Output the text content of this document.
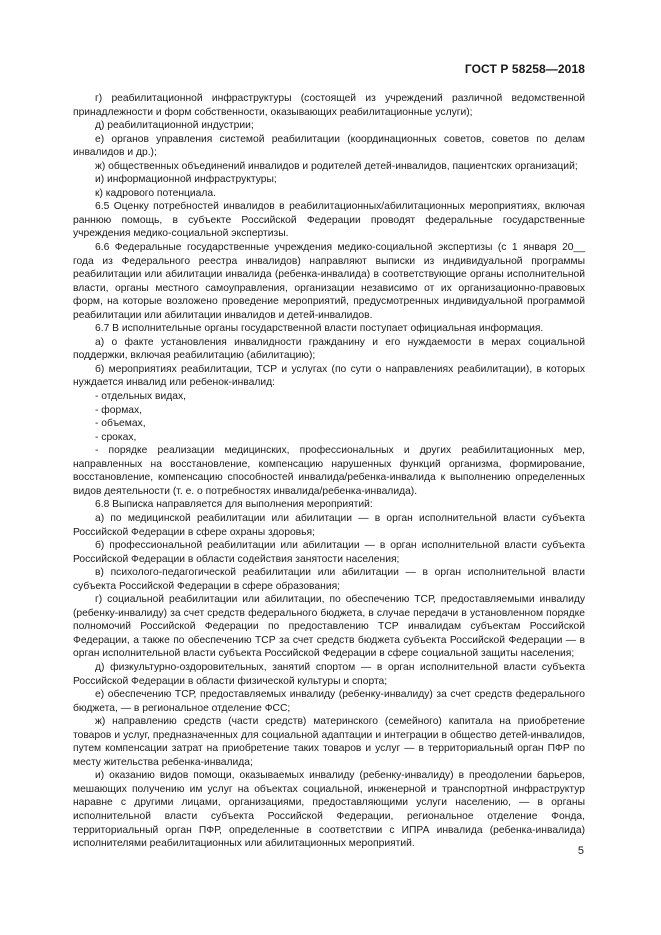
ГОСТ Р 58258—2018

г) реабилитационной инфраструктуры (состоящей из учреждений различной ведомственной принадлежности и форм собственности, оказывающих реабилитационные услуги);

д) реабилитационной индустрии;

е) органов управления системой реабилитации (координационных советов, советов по делам инвалидов и др.);

ж) общественных объединений инвалидов и родителей детей-инвалидов, пациентских организаций;

и) информационной инфраструктуры;

к) кадрового потенциала.

6.5 Оценку потребностей инвалидов в реабилитационных/абилитационных мероприятиях, включая раннюю помощь, в субъекте Российской Федерации проводят федеральные государственные учреждения медико-социальной экспертизы.

6.6 Федеральные государственные учреждения медико-социальной экспертизы (с 1 января 20__ года из Федерального реестра инвалидов) направляют выписки из индивидуальной программы реабилитации или абилитации инвалида (ребенка-инвалида) в соответствующие органы исполнительной власти, органы местного самоуправления, организации независимо от их организационно-правовых форм, на которые возложено проведение мероприятий, предусмотренных индивидуальной программой реабилитации или абилитации инвалидов и детей-инвалидов.

6.7 В исполнительные органы государственной власти поступает официальная информация.

а) о факте установления инвалидности гражданину и его нуждаемости в мерах социальной поддержки, включая реабилитацию (абилитацию);

б) мероприятиях реабилитации, ТСР и услугах (по сути о направлениях реабилитации), в которых нуждается инвалид или ребенок-инвалид:

- отдельных видах,

- формах,

- объемах,

- сроках,

- порядке реализации медицинских, профессиональных и других реабилитационных мер, направленных на восстановление, компенсацию нарушенных функций организма, формирование, восстановление, компенсацию способностей инвалида/ребенка-инвалида к выполнению определенных видов деятельности (т. е. о потребностях инвалида/ребенка-инвалида).

6.8 Выписка направляется для выполнения мероприятий:

а) по медицинской реабилитации или абилитации — в орган исполнительной власти субъекта Российской Федерации в сфере охраны здоровья;

б) профессиональной реабилитации или абилитации — в орган исполнительной власти субъекта Российской Федерации в области содействия занятости населения;

в) психолого-педагогической реабилитации или абилитации — в орган исполнительной власти субъекта Российской Федерации в сфере образования;

г) социальной реабилитации или абилитации, по обеспечению ТСР, предоставляемыми инвалиду (ребенку-инвалиду) за счет средств федерального бюджета, в случае передачи в установленном порядке полномочий Российской Федерации по предоставлению ТСР инвалидам субъектам Российской Федерации, а также по обеспечению ТСР за счет средств бюджета субъекта Российской Федерации — в орган исполнительной власти субъекта Российской Федерации в сфере социальной защиты населения;

д) физкультурно-оздоровительных, занятий спортом — в орган исполнительной власти субъекта Российской Федерации в области физической культуры и спорта;

е) обеспечению ТСР, предоставляемых инвалиду (ребенку-инвалиду) за счет средств федерального бюджета, — в региональное отделение ФСС;

ж) направлению средств (части средств) материнского (семейного) капитала на приобретение товаров и услуг, предназначенных для социальной адаптации и интеграции в общество детей-инвалидов, путем компенсации затрат на приобретение таких товаров и услуг — в территориальный орган ПФР по месту жительства ребенка-инвалида;

и) оказанию видов помощи, оказываемых инвалиду (ребенку-инвалиду) в преодолении барьеров, мешающих получению им услуг на объектах социальной, инженерной и транспортной инфраструктур наравне с другими лицами, организациями, предоставляющими услуги населению, — в органы исполнительной власти субъекта Российской Федерации, региональное отделение Фонда, территориальный орган ПФР, определенные в соответствии с ИПРА инвалида (ребенка-инвалида) исполнителями реабилитационных или абилитационных мероприятий.

5
